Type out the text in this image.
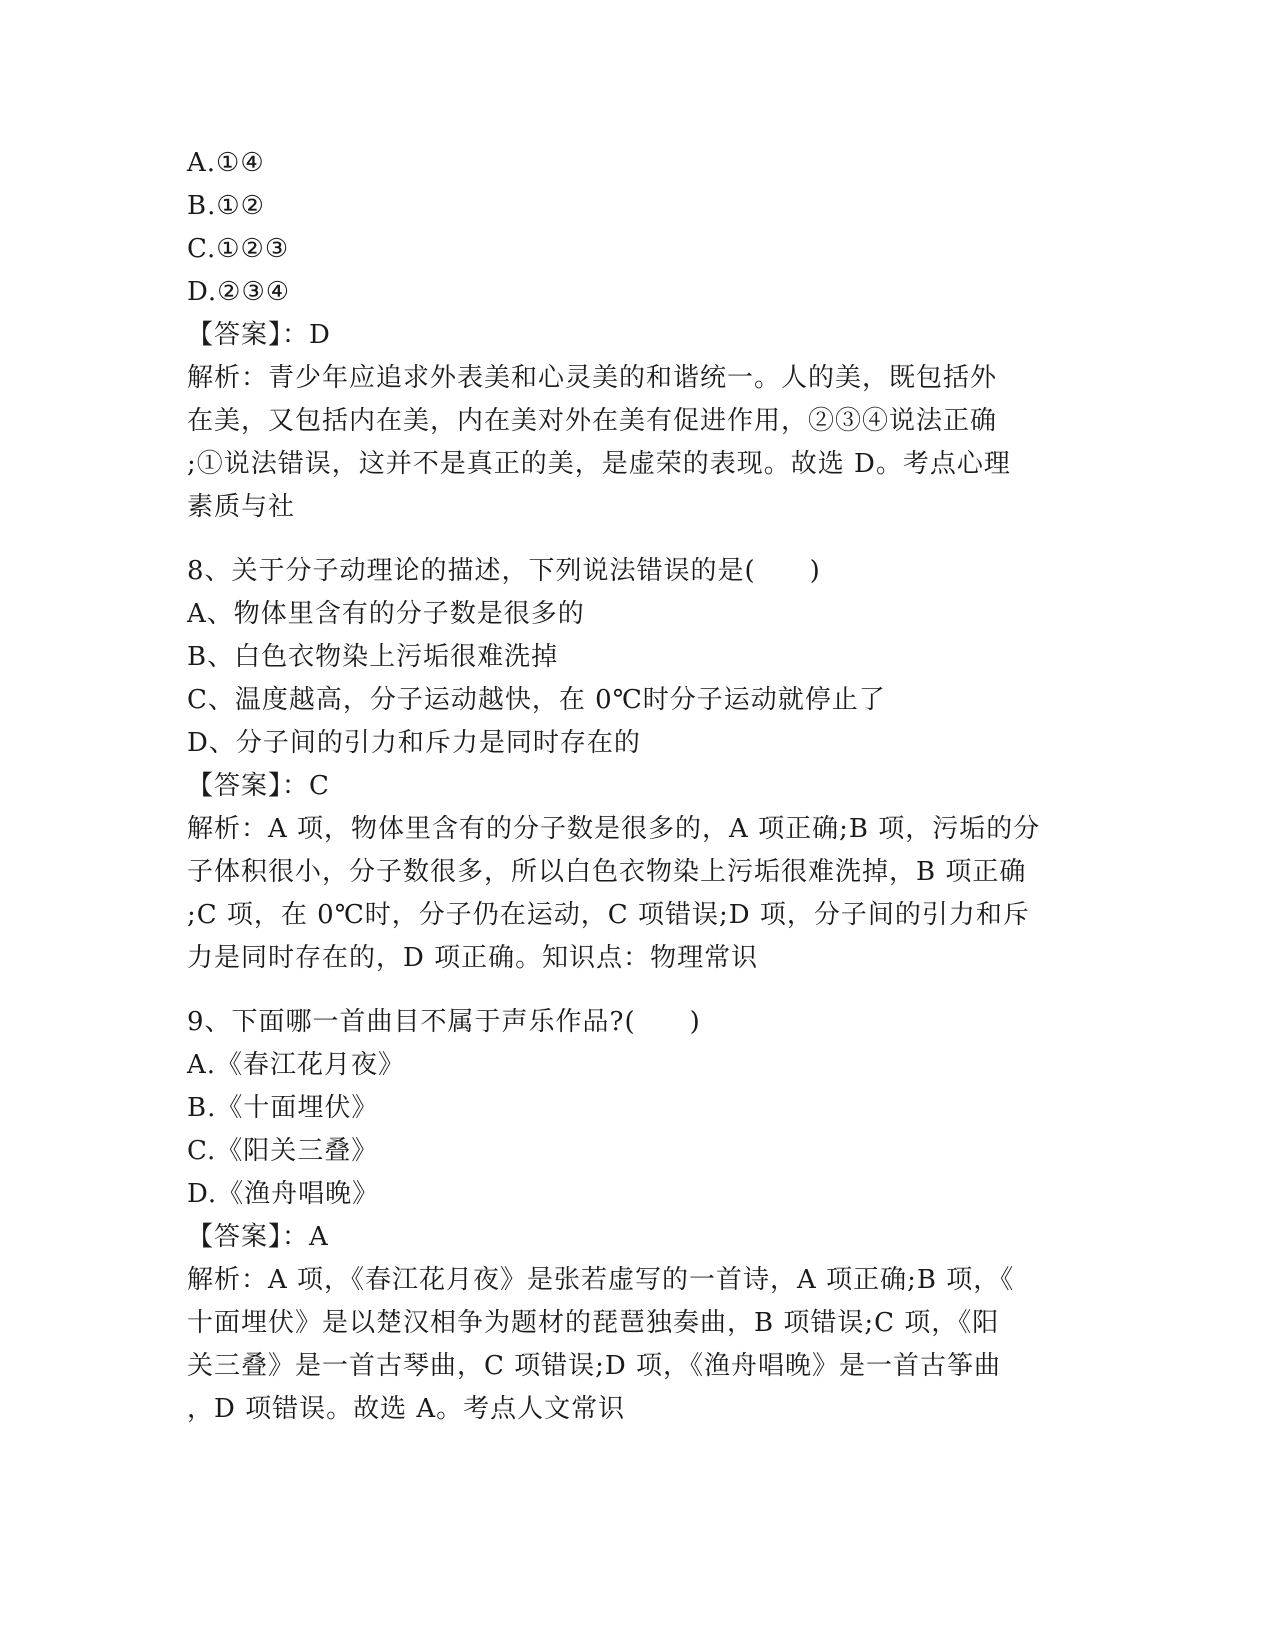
A.①④
B.①②
C.①②③
D.②③④
【答案】：D
解析：青少年应追求外表美和心灵美的和谐统一。人的美，既包括外
在美，又包括内在美，内在美对外在美有促进作用，②③④说法正确
;①说法错误，这并不是真正的美，是虚荣的表现。故选 D。考点心理
素质与社
8、关于分子动理论的描述，下列说法错误的是(　　)
A、物体里含有的分子数是很多的
B、白色衣物染上污垢很难洗掉
C、温度越高，分子运动越快，在 0℃时分子运动就停止了
D、分子间的引力和斥力是同时存在的
【答案】：C
解析：A 项，物体里含有的分子数是很多的，A 项正确;B 项，污垢的分
子体积很小，分子数很多，所以白色衣物染上污垢很难洗掉，B 项正确
;C 项，在 0℃时，分子仍在运动，C 项错误;D 项，分子间的引力和斥
力是同时存在的，D 项正确。知识点：物理常识
9、下面哪一首曲目不属于声乐作品?(　　)
A.《春江花月夜》
B.《十面埋伏》
C.《阳关三叠》
D.《渔舟唱晚》
【答案】：A
解析：A 项，《春江花月夜》是张若虚写的一首诗，A 项正确;B 项，《
十面埋伏》是以楚汉相争为题材的琵琶独奏曲，B 项错误;C 项，《阳
关三叠》是一首古琴曲，C 项错误;D 项，《渔舟唱晚》是一首古筝曲
，D 项错误。故选 A。考点人文常识
